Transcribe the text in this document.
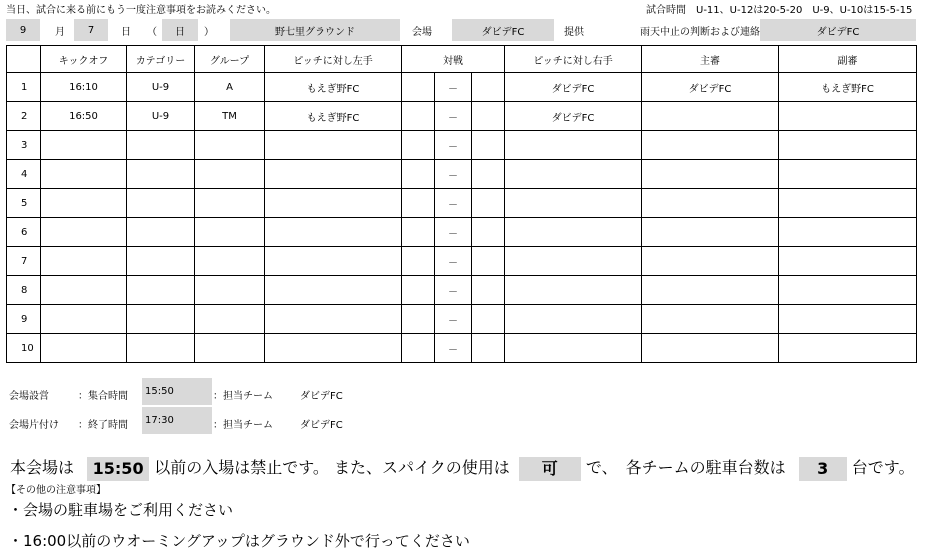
当日、試合に来る前にもう一度注意事項をお読みください。	試合時間　U-11、U-12は20-5-20　U-9、U-10は15-5-15
9	月	7	日	（	日	）	野七里グラウンド	会場	ダビデFC	提供	雨天中止の判断および連絡	ダビデFC
	キックオフ	カテゴリー	グループ	ピッチに対し左手	対戦			ピッチに対し右手	主審	副審
1	16:10	U-9	A	もえぎ野FC		－		ダビデFC	ダビデFC	もえぎ野FC
2	16:50	U-9	TM	もえぎ野FC		－		ダビデFC		
3						－				
4						－				
5						－				
6						－				
7						－				
8						－				
9						－				
10						－				
会場設営	：集合時間	15:50	：担当チーム	ダビデFC
会場片付け ：終了時間	17:30	：担当チーム	ダビデFC
本会場は 15:50 以前の入場は禁止です。 また、スパイクの使用は 可 で、　各チームの駐車台数は 3 台です。
【その他の注意事項】
・会場の駐車場をご利用ください
・16:00以前のウオーミングアップはグラウンド外で行ってください
